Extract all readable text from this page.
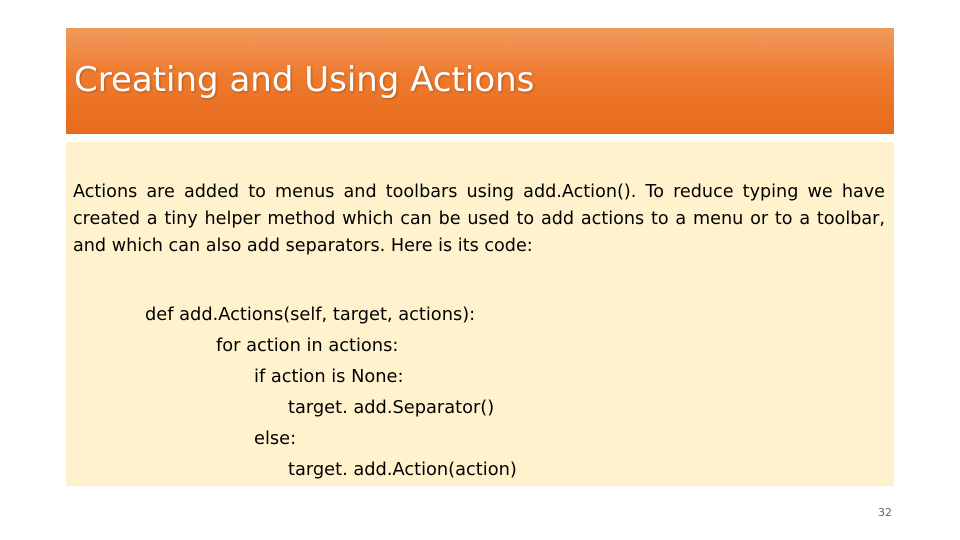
Creating and Using Actions
Actions are added to menus and toolbars using add.Action(). To reduce typing we have created a tiny helper method which can be used to add actions to a menu or to a toolbar, and which can also add separators. Here is its code:
def add.Actions(self, target, actions):
for action in actions:
if action is None:
target. add.Separator()
else:
target. add.Action(action)
32
